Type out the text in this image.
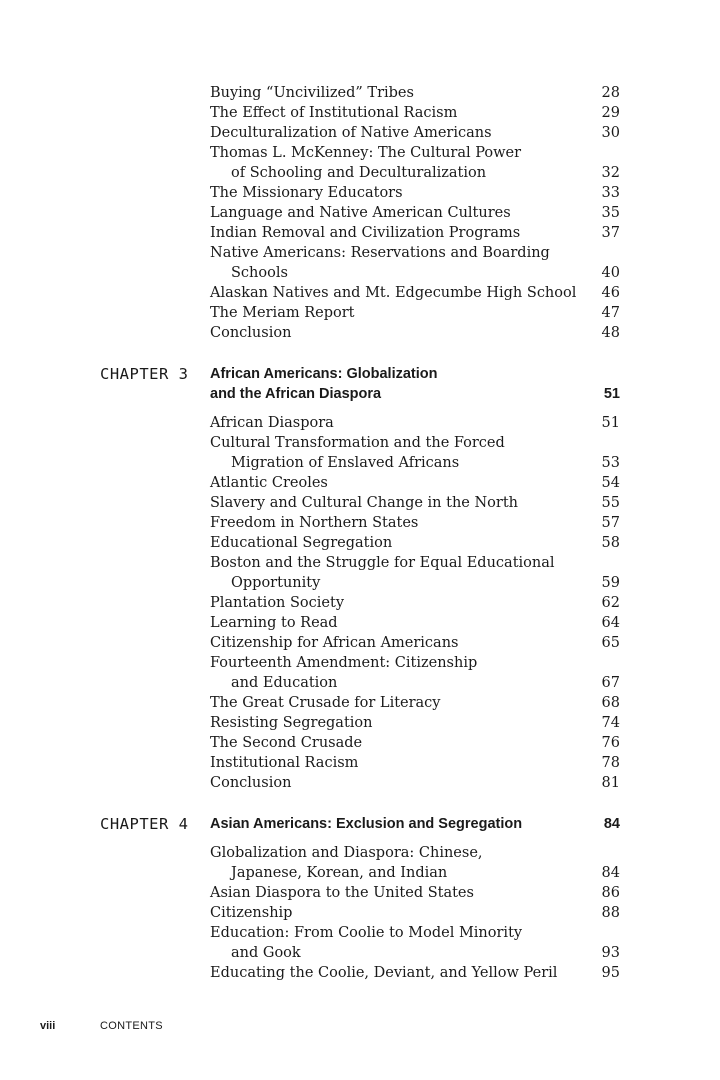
Buying “Uncivilized” Tribes	28
The Effect of Institutional Racism	29
Deculturalization of Native Americans	30
Thomas L. McKenney: The Cultural Power
of Schooling and Deculturalization	32
The Missionary Educators	33
Language and Native American Cultures	35
Indian Removal and Civilization Programs	37
Native Americans: Reservations and Boarding
Schools	40
Alaskan Natives and Mt. Edgecumbe High School	46
The Meriam Report	47
Conclusion	48
CHAPTER 3 African Americans: Globalization
and the African Diaspora	51
African Diaspora	51
Cultural Transformation and the Forced
Migration of Enslaved Africans	53
Atlantic Creoles	54
Slavery and Cultural Change in the North	55
Freedom in Northern States	57
Educational Segregation	58
Boston and the Struggle for Equal Educational
Opportunity	59
Plantation Society	62
Learning to Read	64
Citizenship for African Americans	65
Fourteenth Amendment: Citizenship
and Education	67
The Great Crusade for Literacy	68
Resisting Segregation	74
The Second Crusade	76
Institutional Racism	78
Conclusion	81
CHAPTER 4 Asian Americans: Exclusion and Segregation	84
Globalization and Diaspora: Chinese,
Japanese, Korean, and Indian	84
Asian Diaspora to the United States	86
Citizenship	88
Education: From Coolie to Model Minority
and Gook	93
Educating the Coolie, Deviant, and Yellow Peril	95
viii	CONTENTS
